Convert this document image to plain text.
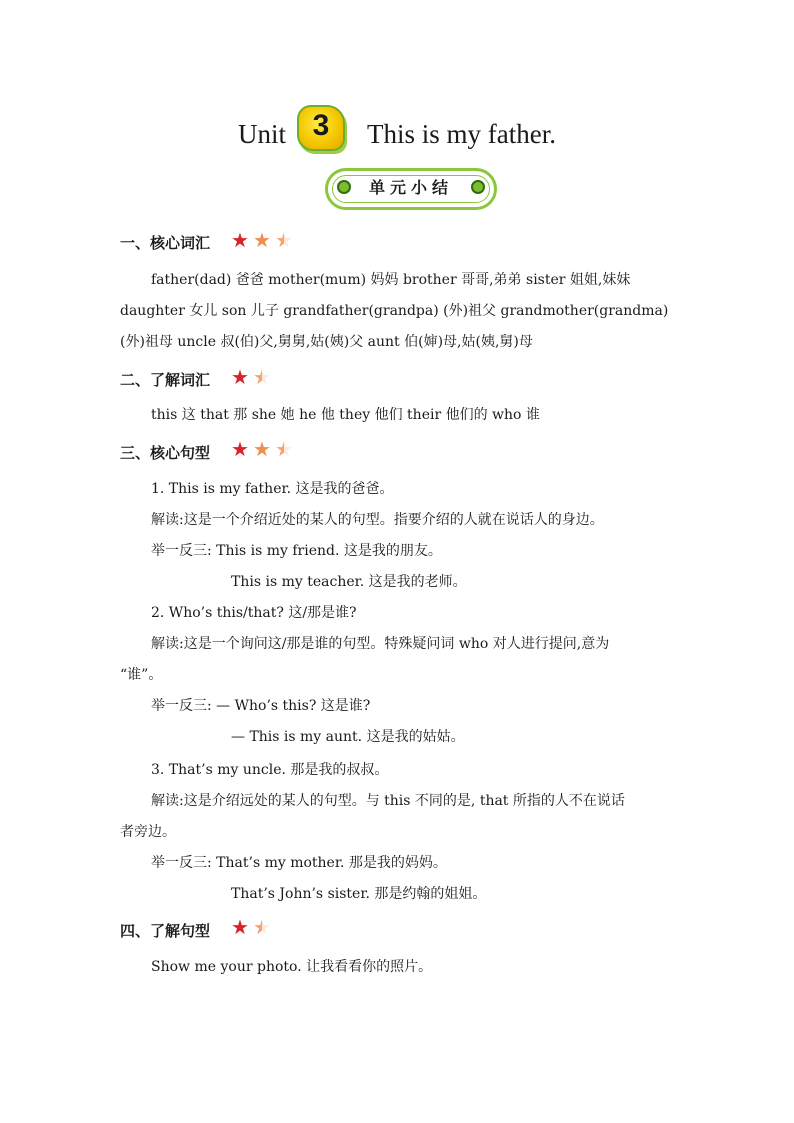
Unit 3	This is my father.
单元小结
一、核心词汇 ★ ★ ★
father(dad) 爸爸 mother(mum) 妈妈 brother 哥哥,弟弟 sister 姐姐,妹妹
daughter 女儿 son 儿子 grandfather(grandpa) (外)祖父 grandmother(grandma)
(外)祖母 uncle 叔(伯)父,舅舅,姑(姨)父 aunt 伯(婶)母,姑(姨,舅)母
二、了解词汇 ★ ★
this 这 that 那 she 她 he 他 they 他们 their 他们的 who 谁
三、核心句型 ★ ★ ★
1. This is my father. 这是我的爸爸。
解读:这是一个介绍近处的某人的句型。指要介绍的人就在说话人的身边。
举一反三: This is my friend. 这是我的朋友。
This is my teacher. 这是我的老师。
2. Who’s this/that? 这/那是谁?
解读:这是一个询问这/那是谁的句型。特殊疑问词 who 对人进行提问,意为
“谁”。
举一反三: — Who’s this? 这是谁?
— This is my aunt. 这是我的姑姑。
3. That’s my uncle. 那是我的叔叔。
解读:这是介绍远处的某人的句型。与 this 不同的是, that 所指的人不在说话
者旁边。
举一反三: That’s my mother. 那是我的妈妈。
That’s John’s sister. 那是约翰的姐姐。
四、了解句型 ★ ★
Show me your photo. 让我看看你的照片。
